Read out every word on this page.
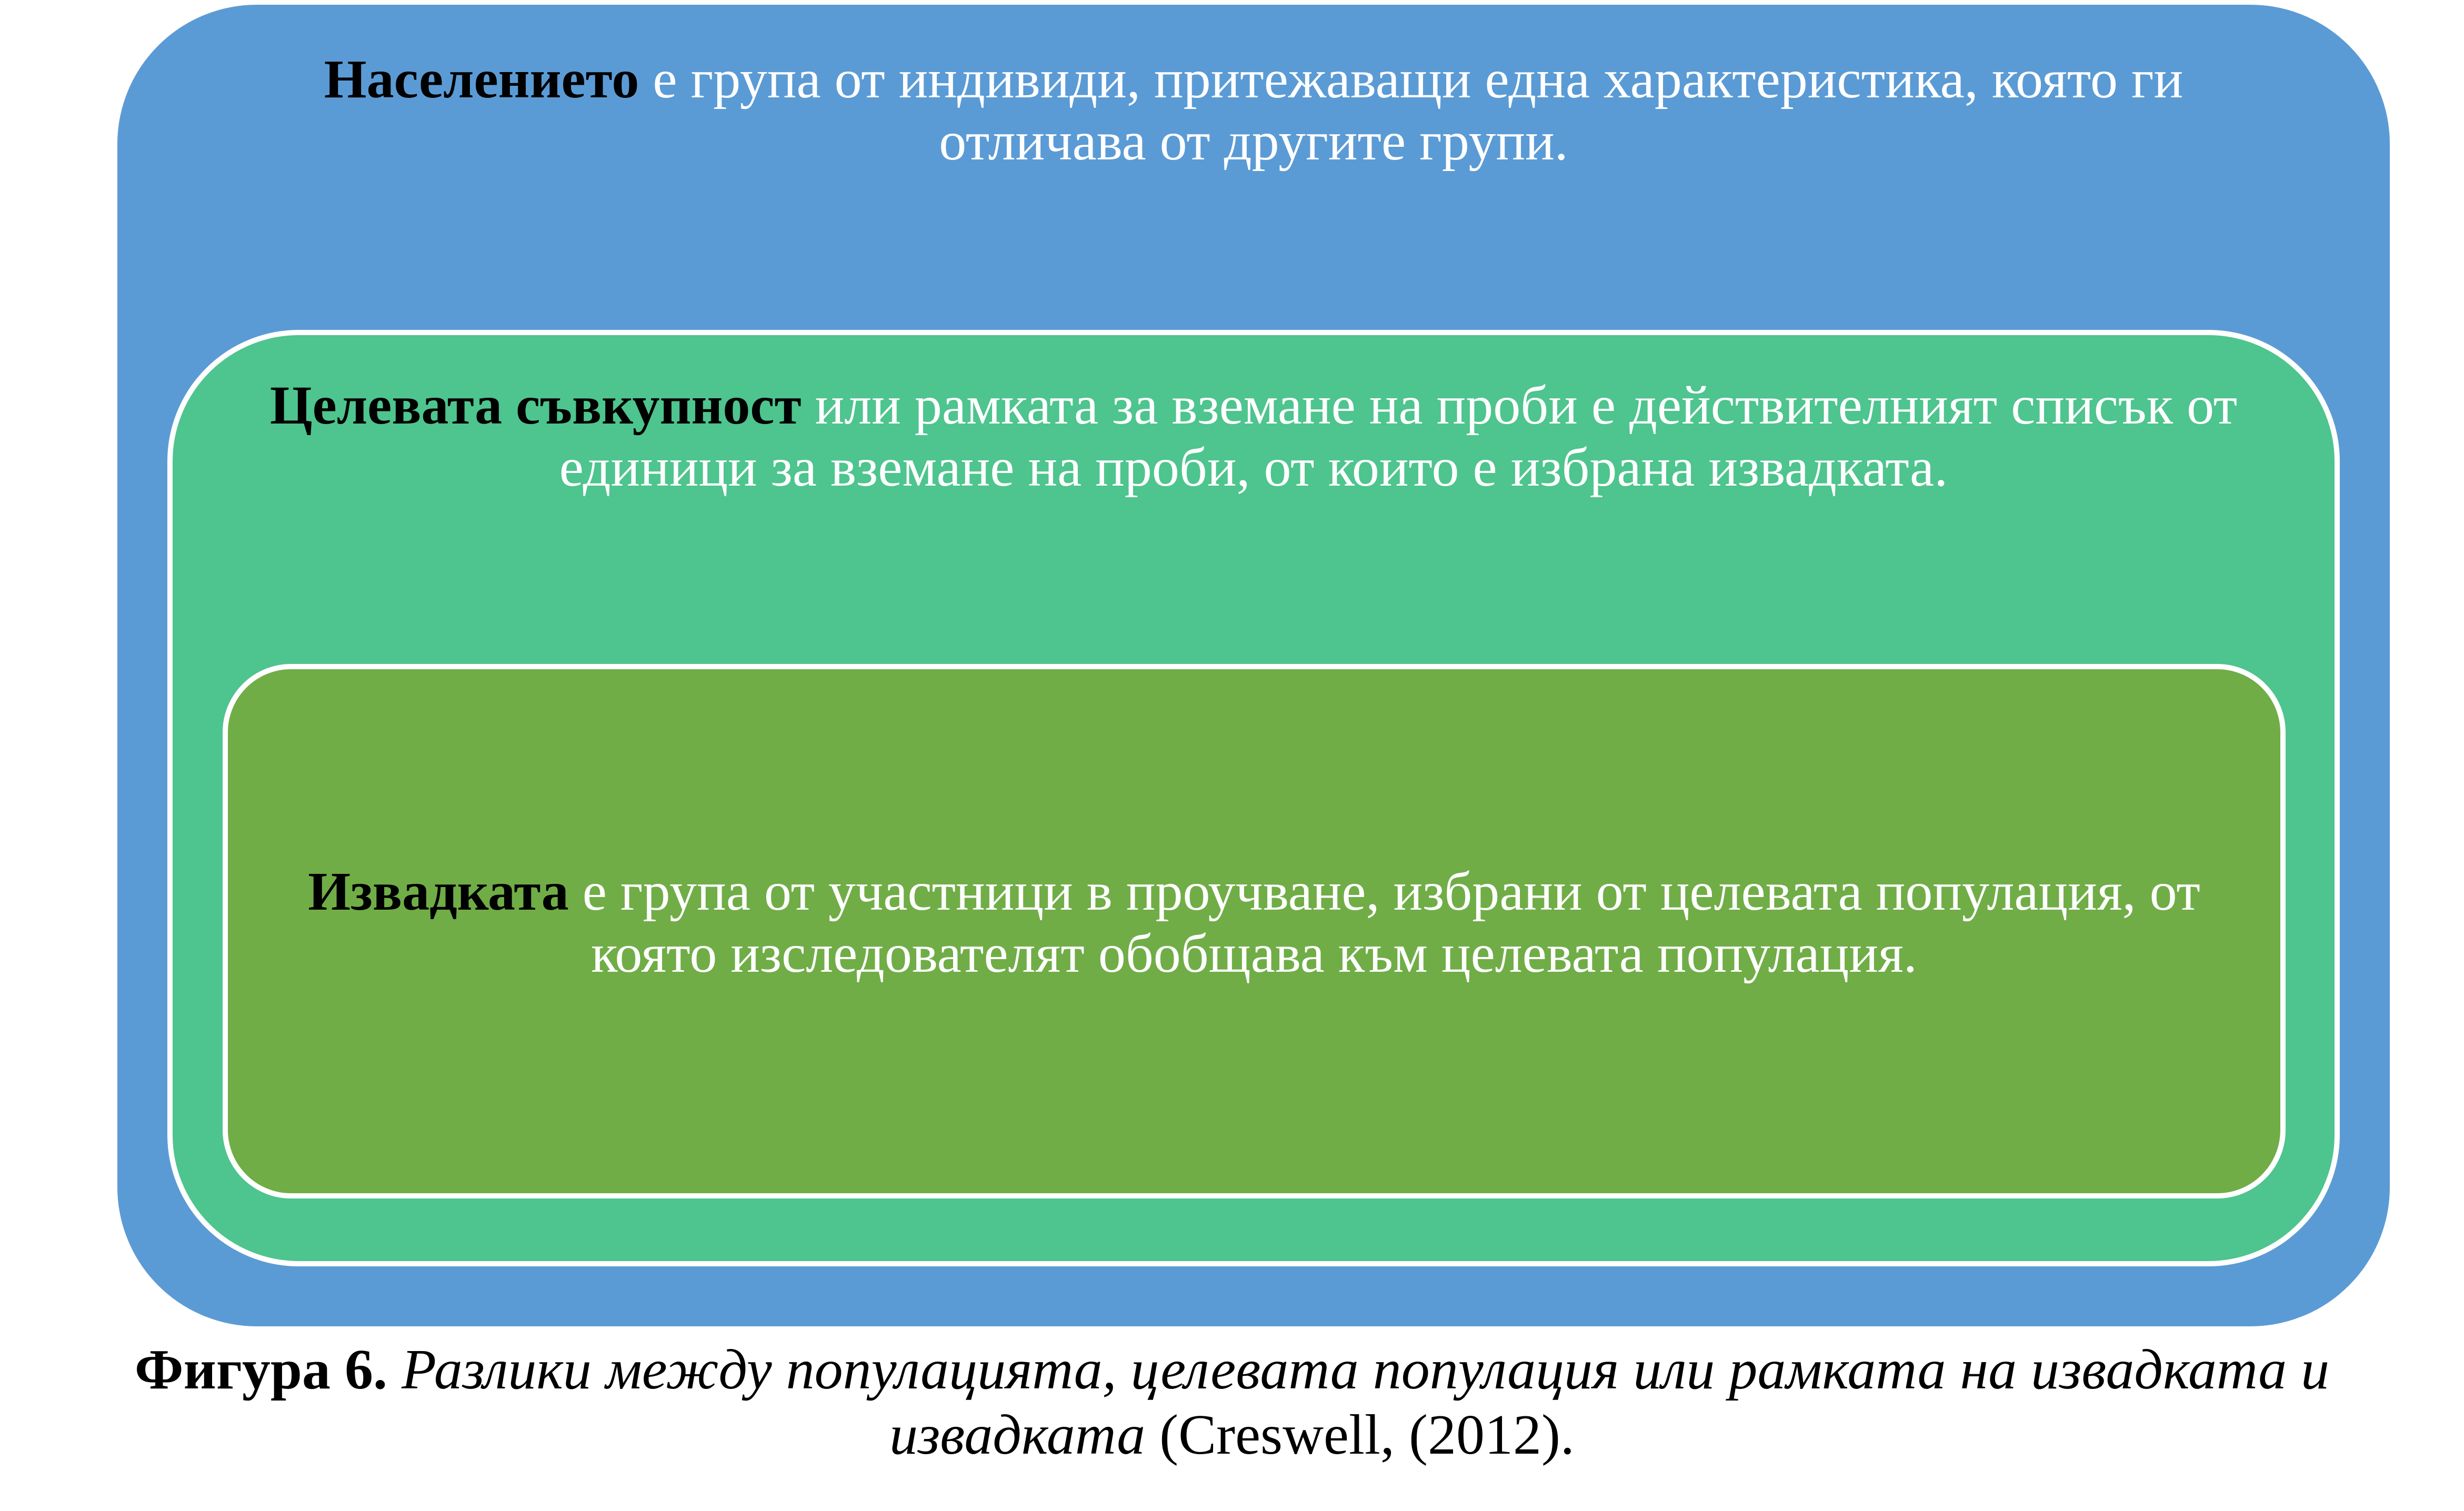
Населението е група от индивиди, притежаващи една характеристика, която ги отличава от другите групи.

Целевата съвкупност или рамката за вземане на проби е действителният списък от единици за вземане на проби, от които е избрана извадката.

Извадката е група от участници в проучване, избрани от целевата популация, от която изследователят обобщава към целевата популация.

Фигура 6. Разлики между популацията, целевата популация или рамката на извадката и извадката (Creswell, (2012).
